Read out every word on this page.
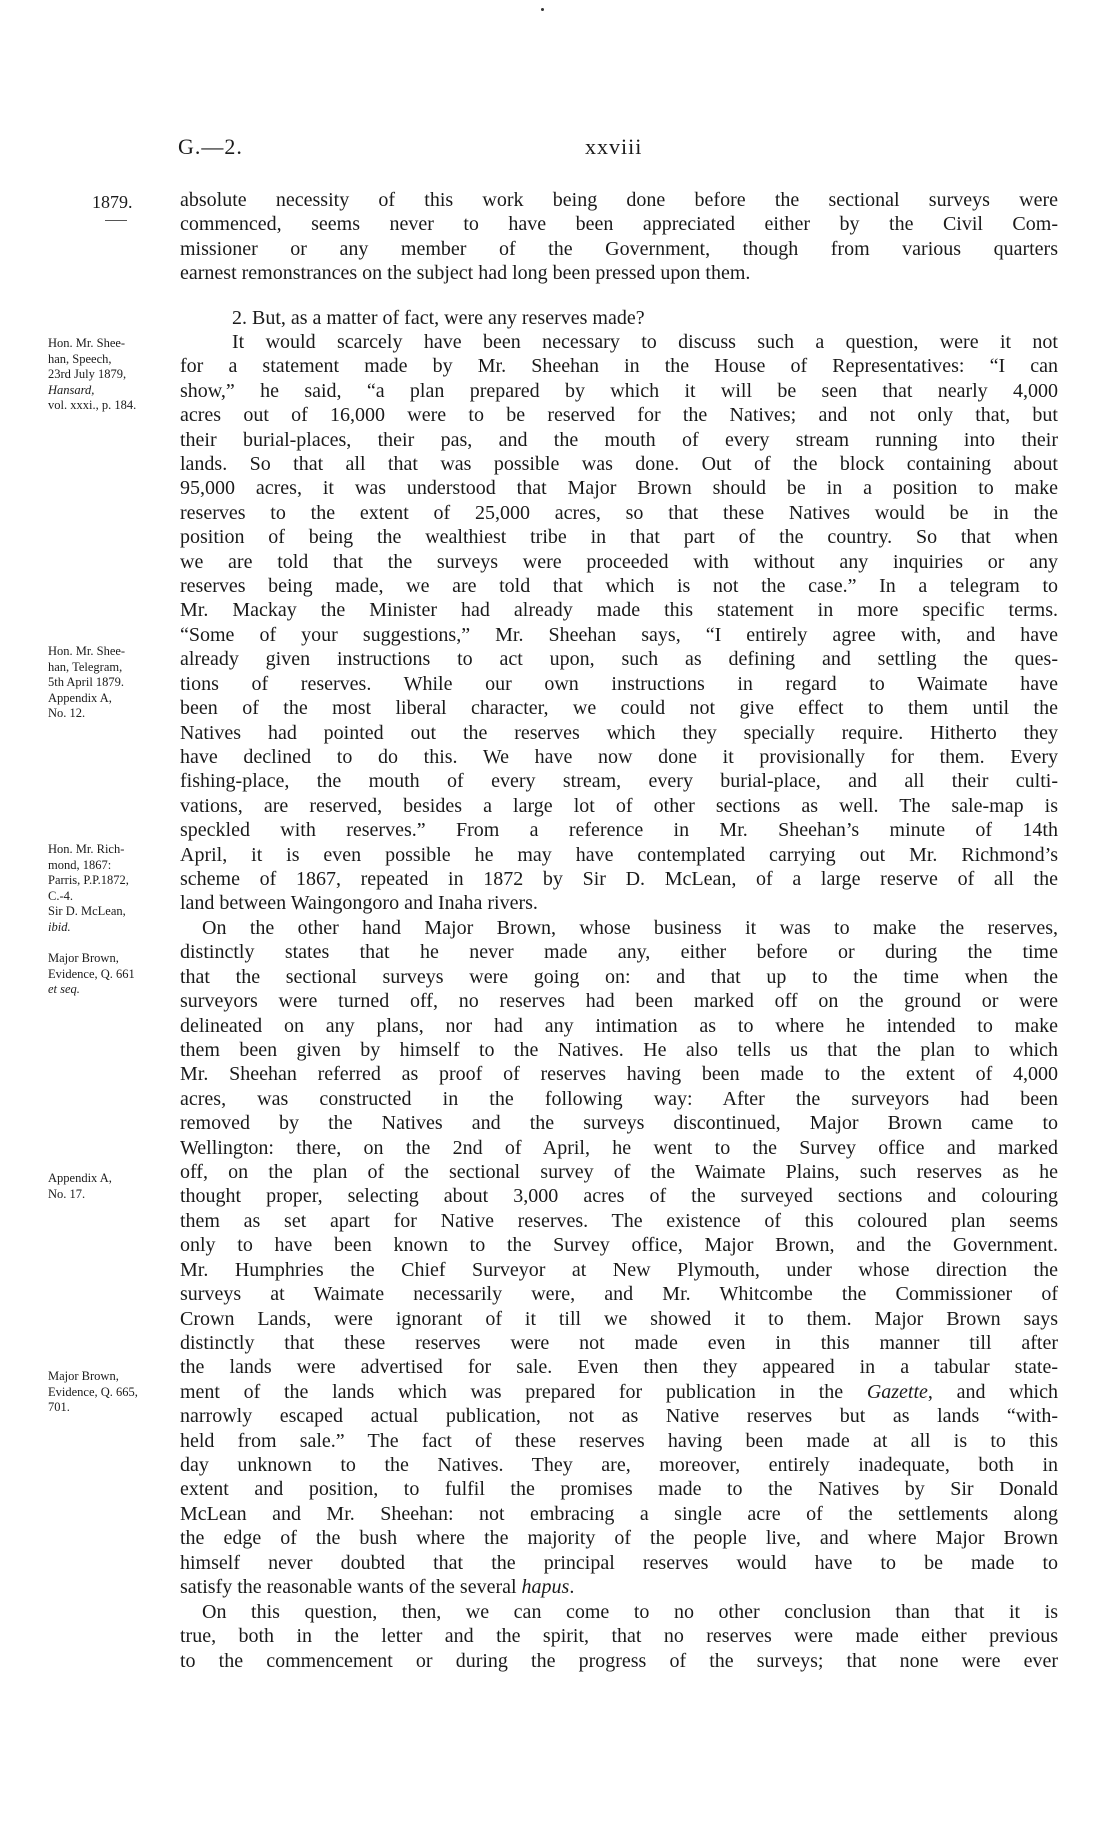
G.—2.	xxviii
1879.
Hon. Mr. Shee-
han, Speech,
23rd July 1879,
Hansard,
vol. xxxi., p. 184.
Hon. Mr. Shee-
han, Telegram,
5th April 1879.
Appendix A,
No. 12.
Hon. Mr. Rich-
mond, 1867:
Parris, P.P.1872,
C.-4.
Sir D. McLean,
ibid.
Major Brown,
Evidence, Q. 661
et seq.
Appendix A,
No. 17.
Major Brown,
Evidence, Q. 665,
701.
absolute necessity of this work being done before the sectional surveys were
commenced, seems never to have been appreciated either by the Civil Com-
missioner or any member of the Government, though from various quarters
earnest remonstrances on the subject had long been pressed upon them.
2. But, as a matter of fact, were any reserves made?
It would scarcely have been necessary to discuss such a question, were it not
for a statement made by Mr. Sheehan in the House of Representatives: “I can
show,” he said, “a plan prepared by which it will be seen that nearly 4,000
acres out of 16,000 were to be reserved for the Natives; and not only that, but
their burial-places, their pas, and the mouth of every stream running into their
lands. So that all that was possible was done. Out of the block containing about
95,000 acres, it was understood that Major Brown should be in a position to make
reserves to the extent of 25,000 acres, so that these Natives would be in the
position of being the wealthiest tribe in that part of the country. So that when
we are told that the surveys were proceeded with without any inquiries or any
reserves being made, we are told that which is not the case.” In a telegram to
Mr. Mackay the Minister had already made this statement in more specific terms.
“Some of your suggestions,” Mr. Sheehan says, “I entirely agree with, and have
already given instructions to act upon, such as defining and settling the ques-
tions of reserves. While our own instructions in regard to Waimate have
been of the most liberal character, we could not give effect to them until the
Natives had pointed out the reserves which they specially require. Hitherto they
have declined to do this. We have now done it provisionally for them. Every
fishing-place, the mouth of every stream, every burial-place, and all their culti-
vations, are reserved, besides a large lot of other sections as well. The sale-map is
speckled with reserves.” From a reference in Mr. Sheehan’s minute of 14th
April, it is even possible he may have contemplated carrying out Mr. Richmond’s
scheme of 1867, repeated in 1872 by Sir D. McLean, of a large reserve of all the
land between Waingongoro and Inaha rivers.
On the other hand Major Brown, whose business it was to make the reserves,
distinctly states that he never made any, either before or during the time
that the sectional surveys were going on: and that up to the time when the
surveyors were turned off, no reserves had been marked off on the ground or were
delineated on any plans, nor had any intimation as to where he intended to make
them been given by himself to the Natives. He also tells us that the plan to which
Mr. Sheehan referred as proof of reserves having been made to the extent of 4,000
acres, was constructed in the following way: After the surveyors had been
removed by the Natives and the surveys discontinued, Major Brown came to
Wellington: there, on the 2nd of April, he went to the Survey office and marked
off, on the plan of the sectional survey of the Waimate Plains, such reserves as he
thought proper, selecting about 3,000 acres of the surveyed sections and colouring
them as set apart for Native reserves. The existence of this coloured plan seems
only to have been known to the Survey office, Major Brown, and the Government.
Mr. Humphries the Chief Surveyor at New Plymouth, under whose direction the
surveys at Waimate necessarily were, and Mr. Whitcombe the Commissioner of
Crown Lands, were ignorant of it till we showed it to them. Major Brown says
distinctly that these reserves were not made even in this manner till after
the lands were advertised for sale. Even then they appeared in a tabular state-
ment of the lands which was prepared for publication in the Gazette, and which
narrowly escaped actual publication, not as Native reserves but as lands “with-
held from sale.” The fact of these reserves having been made at all is to this
day unknown to the Natives. They are, moreover, entirely inadequate, both in
extent and position, to fulfil the promises made to the Natives by Sir Donald
McLean and Mr. Sheehan: not embracing a single acre of the settlements along
the edge of the bush where the majority of the people live, and where Major Brown
himself never doubted that the principal reserves would have to be made to
satisfy the reasonable wants of the several hapus.
On this question, then, we can come to no other conclusion than that it is
true, both in the letter and the spirit, that no reserves were made either previous
to the commencement or during the progress of the surveys; that none were ever
